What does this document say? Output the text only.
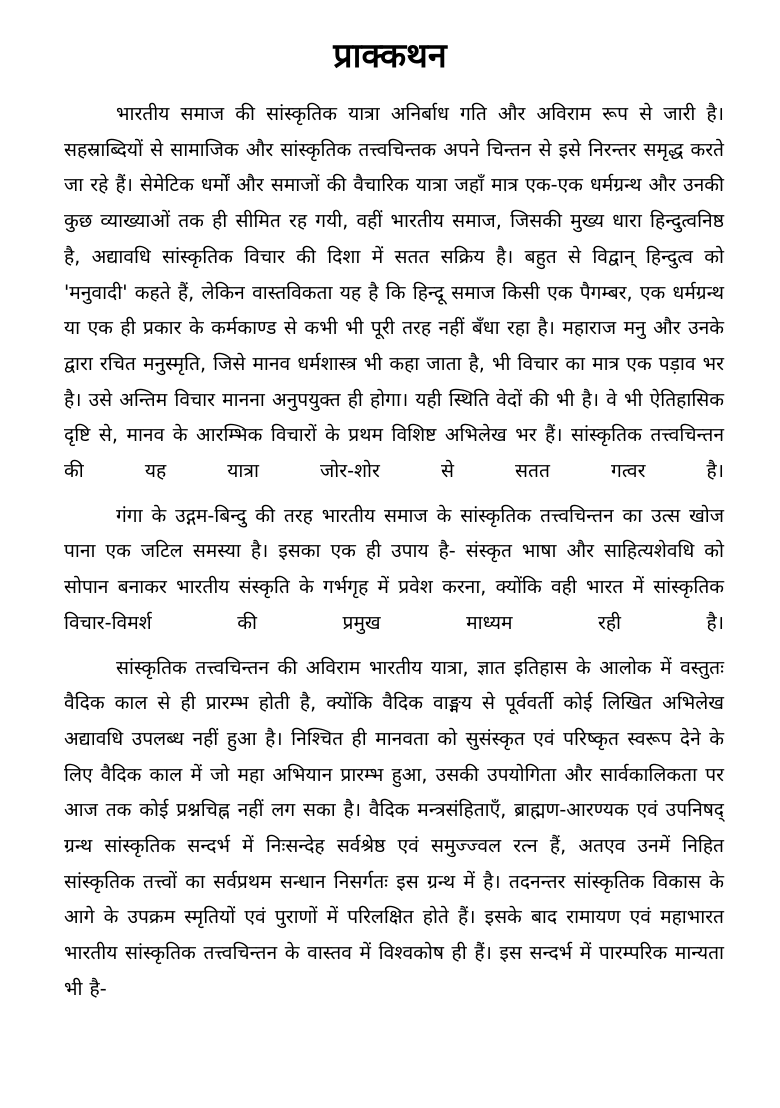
प्राक्कथन

भारतीय समाज की सांस्कृतिक यात्रा अनिर्बाध गति और अविराम रूप से जारी है। सहस्राब्दियों से सामाजिक और सांस्कृतिक तत्त्वचिन्तक अपने चिन्तन से इसे निरन्तर समृद्ध करते जा रहे हैं। सेमेटिक धर्मों और समाजों की वैचारिक यात्रा जहाँ मात्र एक-एक धर्मग्रन्थ और उनकी कुछ व्याख्याओं तक ही सीमित रह गयी, वहीं भारतीय समाज, जिसकी मुख्य धारा हिन्दुत्वनिष्ठ है, अद्यावधि सांस्कृतिक विचार की दिशा में सतत सक्रिय है। बहुत से विद्वान् हिन्दुत्व को 'मनुवादी' कहते हैं, लेकिन वास्तविकता यह है कि हिन्दू समाज किसी एक पैगम्बर, एक धर्मग्रन्थ या एक ही प्रकार के कर्मकाण्ड से कभी भी पूरी तरह नहीं बँधा रहा है। महाराज मनु और उनके द्वारा रचित मनुस्मृति, जिसे मानव धर्मशास्त्र भी कहा जाता है, भी विचार का मात्र एक पड़ाव भर है। उसे अन्तिम विचार मानना अनुपयुक्त ही होगा। यही स्थिति वेदों की भी है। वे भी ऐतिहासिक दृष्टि से, मानव के आरम्भिक विचारों के प्रथम विशिष्ट अभिलेख भर हैं। सांस्कृतिक तत्त्वचिन्तन की यह यात्रा जोर-शोर से सतत गत्वर है।

गंगा के उद्गम-बिन्दु की तरह भारतीय समाज के सांस्कृतिक तत्त्वचिन्तन का उत्स खोज पाना एक जटिल समस्या है। इसका एक ही उपाय है- संस्कृत भाषा और साहित्यशेवधि को सोपान बनाकर भारतीय संस्कृति के गर्भगृह में प्रवेश करना, क्योंकि वही भारत में सांस्कृतिक विचार-विमर्श की प्रमुख माध्यम रही है।

सांस्कृतिक तत्त्वचिन्तन की अविराम भारतीय यात्रा, ज्ञात इतिहास के आलोक में वस्तुतः वैदिक काल से ही प्रारम्भ होती है, क्योंकि वैदिक वाङ्मय से पूर्ववर्ती कोई लिखित अभिलेख अद्यावधि उपलब्ध नहीं हुआ है। निश्चित ही मानवता को सुसंस्कृत एवं परिष्कृत स्वरूप देने के लिए वैदिक काल में जो महा अभियान प्रारम्भ हुआ, उसकी उपयोगिता और सार्वकालिकता पर आज तक कोई प्रश्नचिह्न नहीं लग सका है। वैदिक मन्त्रसंहिताएँ, ब्राह्मण-आरण्यक एवं उपनिषद् ग्रन्थ सांस्कृतिक सन्दर्भ में निःसन्देह सर्वश्रेष्ठ एवं समुज्ज्वल रत्न हैं, अतएव उनमें निहित सांस्कृतिक तत्त्वों का सर्वप्रथम सन्धान निसर्गतः इस ग्रन्थ में है। तदनन्तर सांस्कृतिक विकास के आगे के उपक्रम स्मृतियों एवं पुराणों में परिलक्षित होते हैं। इसके बाद रामायण एवं महाभारत भारतीय सांस्कृतिक तत्त्वचिन्तन के वास्तव में विश्वकोष ही हैं। इस सन्दर्भ में पारम्परिक मान्यता भी है-
